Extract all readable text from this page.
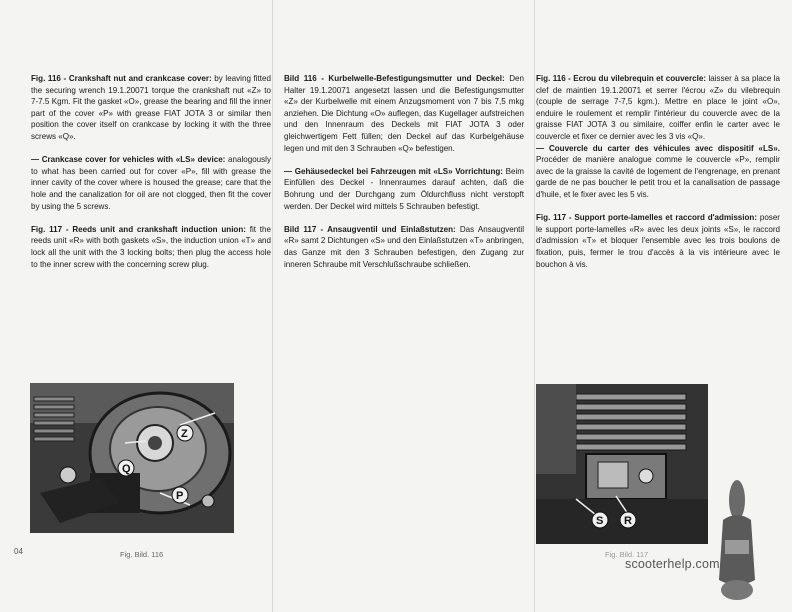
Fig. 116 - Crankshaft nut and crankcase cover: by leaving fitted the securing wrench 19.1.20071 torque the crankshaft nut «Z» to 7-7.5 Kgm. Fit the gasket «O», grease the bearing and fill the inner part of the cover «P» with grease FIAT JOTA 3 or similar then position the cover itself on crankcase by locking it with the three screws «Q».

— Crankcase cover for vehicles with «LS» device: analogously to what has been carried out for cover «P», fill with grease the inner cavity of the cover where is housed the grease; care that the hole and the canalization for oil are not clogged, then fit the cover by using the 5 screws.

Fig. 117 - Reeds unit and crankshaft induction union: fit the reeds unit «R» with both gaskets «S», the induction union «T» and lock all the unit with the 3 locking bolts; then plug the access hole to the inner screw with the concerning screw plug.

Bild 116 - Kurbelwelle-Befestigungsmutter und Deckel: Den Halter 19.1.20071 angesetzt lassen und die Befestigungsmutter «Z» der Kurbelwelle mit einem Anzugsmoment von 7 bis 7,5 mkg anziehen. Die Dichtung «O» auflegen, das Kugellager aufstreichen und den Innenraum des Deckels mit FIAT JOTA 3 oder gleichwertigem Fett füllen; den Deckel auf das Kurbelgehäuse legen und mit den 3 Schrauben «Q» befestigen.

— Gehäusedeckel bei Fahrzeugen mit «LS» Vorrichtung: Beim Einfüllen des Deckel - Innenraumes darauf achten, daß die Bohrung und der Durchgang zum Öldurchfluss nicht verstopft werden. Der Deckel wird mittels 5 Schrauben befestigt.

Bild 117 - Ansaugventil und Einlaßstutzen: Das Ansaugventil «R» samt 2 Dichtungen «S» und den Einlaßstutzen «T» anbringen, das Ganze mit den 3 Schrauben befestigen, den Zugang zur inneren Schraube mit Verschlußschraube schließen.

Fig. 116 - Ecrou du vilebrequin et couvercle: laisser à sa place la clef de maintien 19.1.20071 et serrer l'écrou «Z» du vilebrequin (couple de serrage 7-7,5 kgm.). Mettre en place le joint «O», enduire le roulement et remplir l'intérieur du couvercle avec de la graisse FIAT JOTA 3 ou similaire, coiffer enfin le carter avec le couvercle et fixer ce dernier avec les 3 vis «Q».

— Couvercle du carter des véhicules avec dispositif «LS». Procéder de manière analogue comme le couvercle «P», remplir avec de la graisse la cavité de logement de l'engrenage, en prenant garde de ne pas boucher le petit trou et la canalisation de passage d'huile, et le fixer avec les 5 vis.

Fig. 117 - Support porte-lamelles et raccord d'admission: poser le support porte-lamelles «R» avec les deux joints «S», le raccord d'admission «T» et bloquer l'ensemble avec les trois boulons de fixation, puis, fermer le trou d'accès à la vis intérieure avec le bouchon à vis.

Z
Q
P
S R
04	Fig. Bild. 116	Fig. Bild. 117
scooterhelp.com
